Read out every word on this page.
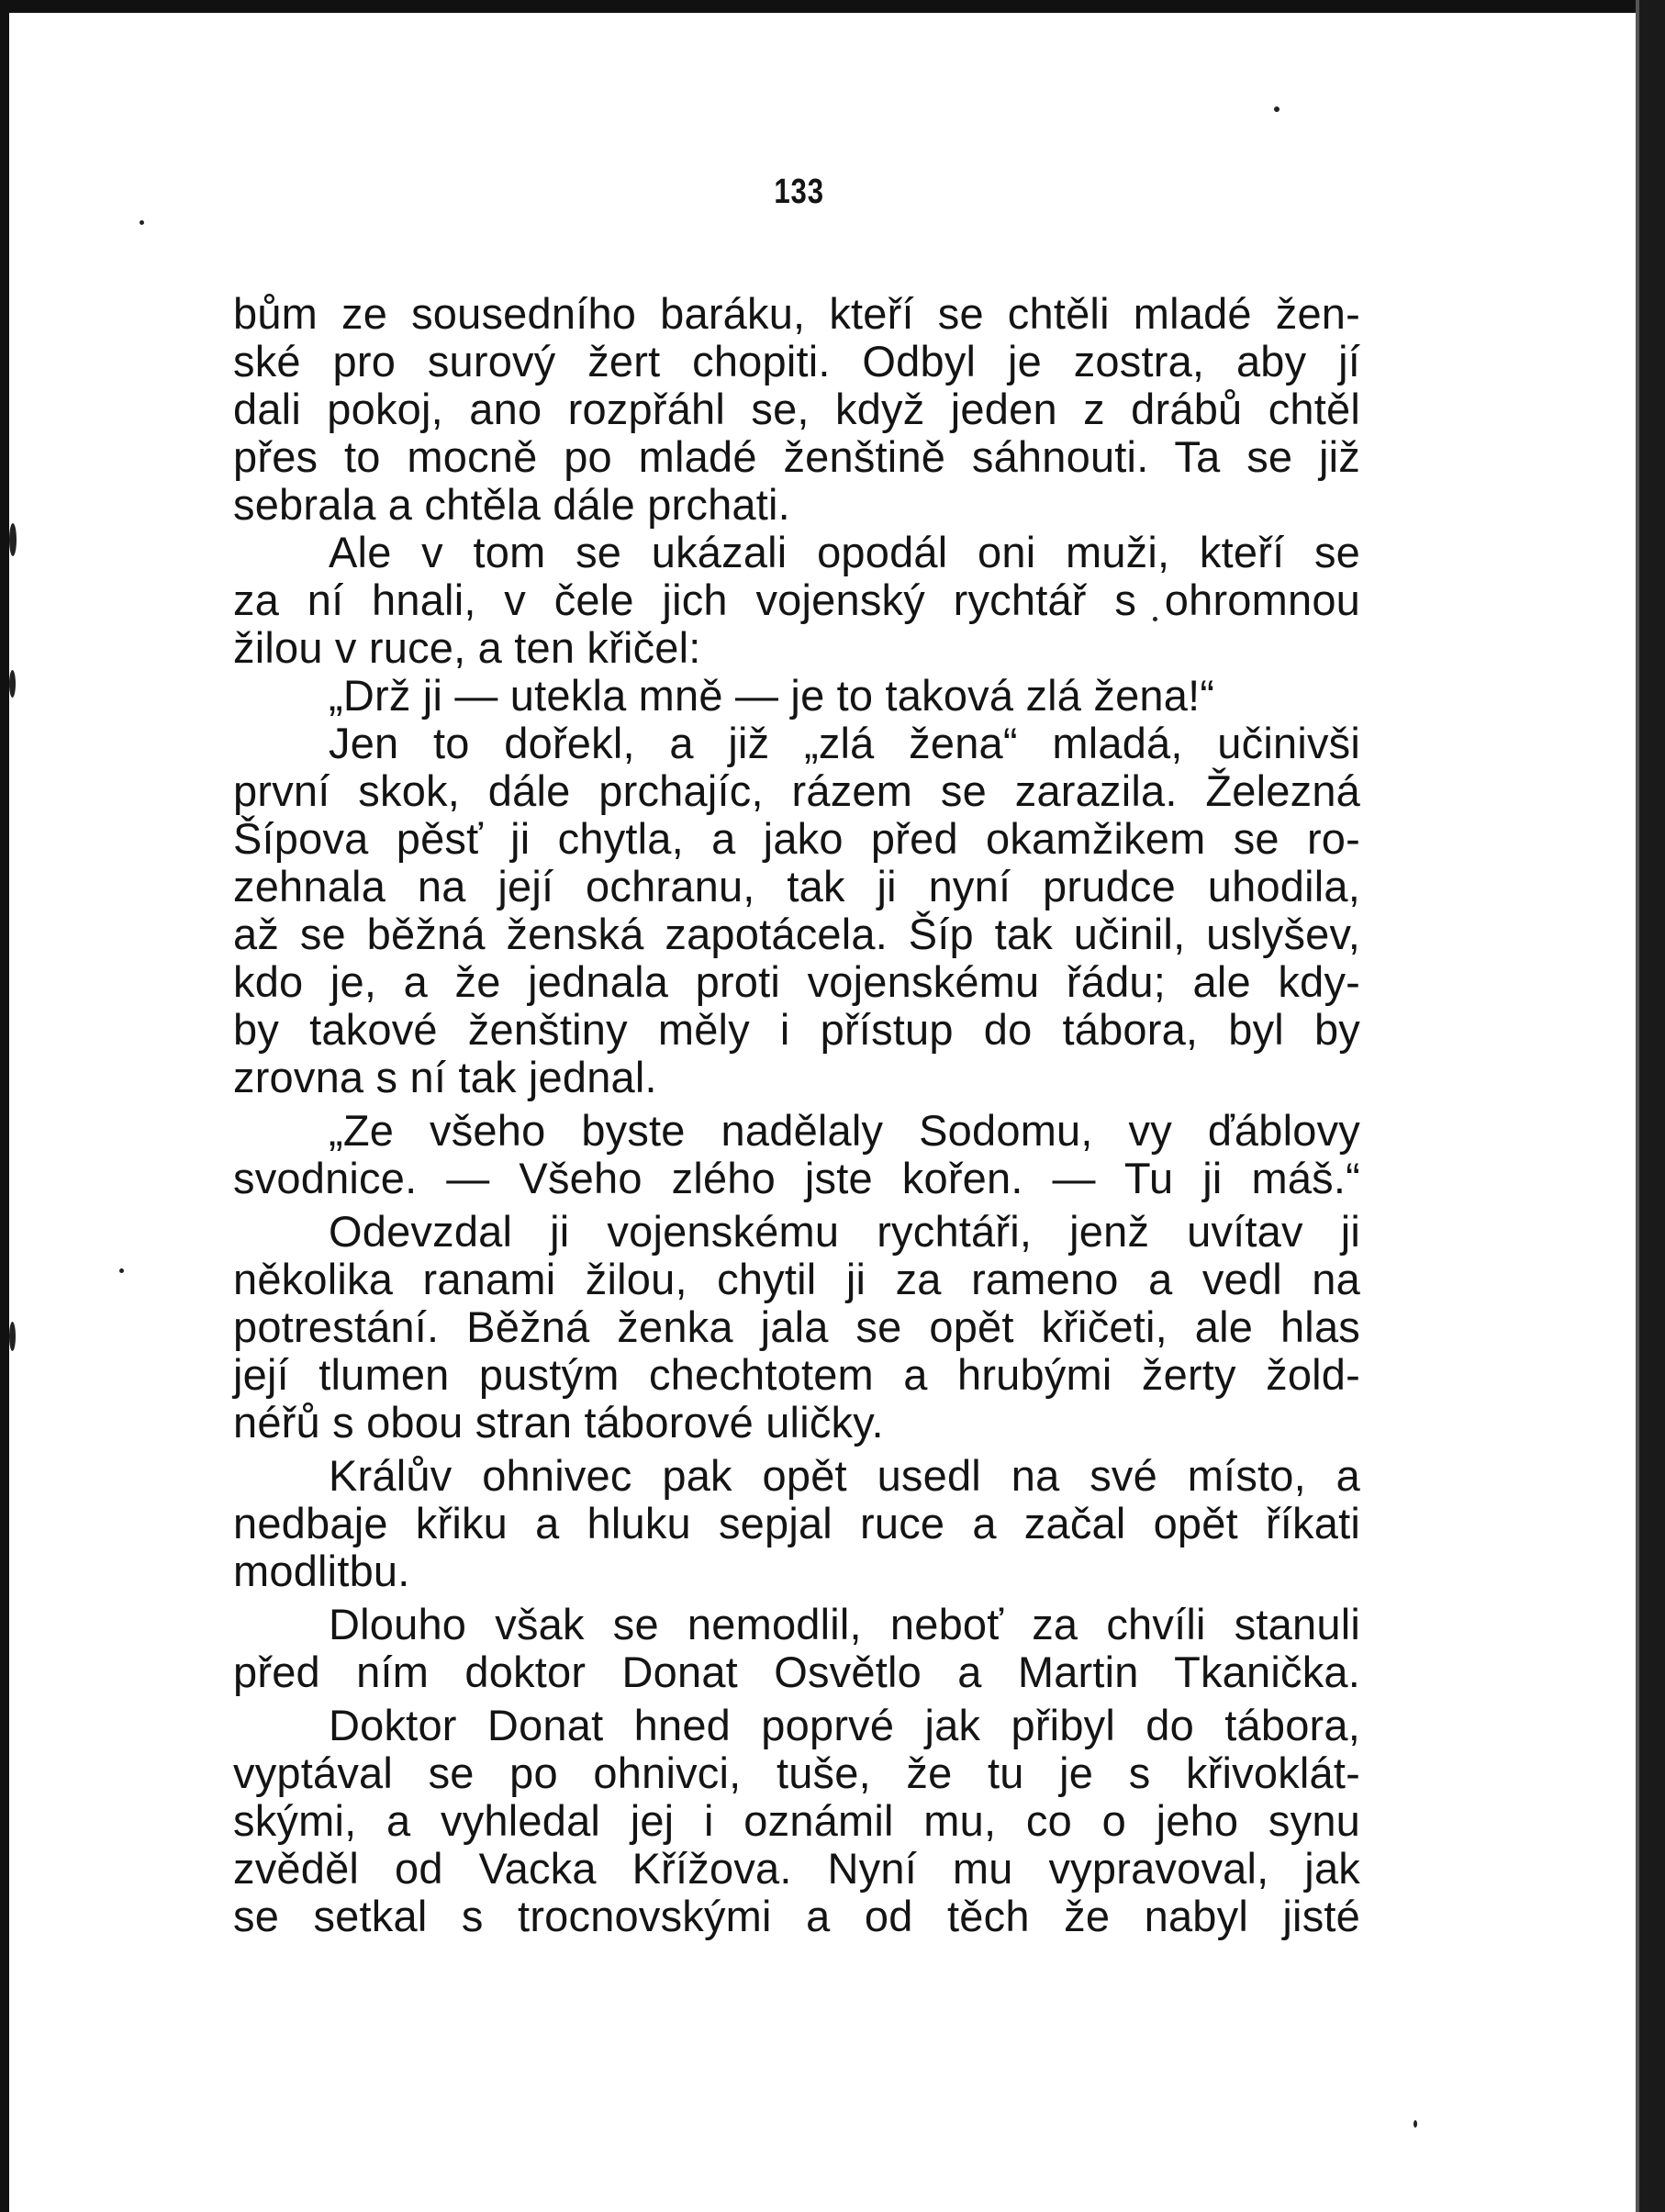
133
bům ze sousedního baráku, kteří se chtěli mladé žen-
ské pro surový žert chopiti. Odbyl je zostra, aby jí
dali pokoj, ano rozpřáhl se, když jeden z drábů chtěl
přes to mocně po mladé ženštině sáhnouti. Ta se již
sebrala a chtěla dále prchati.
Ale v tom se ukázali opodál oni muži, kteří se
za ní hnali, v čele jich vojenský rychtář s ohromnou
žilou v ruce, a ten křičel:
„Drž ji — utekla mně — je to taková zlá žena!“
Jen to dořekl, a již „zlá žena“ mladá, učinivši
první skok, dále prchajíc, rázem se zarazila. Železná
Šípova pěsť ji chytla, a jako před okamžikem se ro-
zehnala na její ochranu, tak ji nyní prudce uhodila,
až se běžná ženská zapotácela. Šíp tak učinil, uslyšev,
kdo je, a že jednala proti vojenskému řádu; ale kdy-
by takové ženštiny měly i přístup do tábora, byl by
zrovna s ní tak jednal.
„Ze všeho byste nadělaly Sodomu, vy ďáblovy
svodnice. — Všeho zlého jste kořen. — Tu ji máš.“
Odevzdal ji vojenskému rychtáři, jenž uvítav ji
několika ranami žilou, chytil ji za rameno a vedl na
potrestání. Běžná ženka jala se opět křičeti, ale hlas
její tlumen pustým chechtotem a hrubými žerty žold-
néřů s obou stran táborové uličky.
Králův ohnivec pak opět usedl na své místo, a
nedbaje křiku a hluku sepjal ruce a začal opět říkati
modlitbu.
Dlouho však se nemodlil, neboť za chvíli stanuli
před ním doktor Donat Osvětlo a Martin Tkanička.
Doktor Donat hned poprvé jak přibyl do tábora,
vyptával se po ohnivci, tuše, že tu je s křivoklát-
skými, a vyhledal jej i oznámil mu, co o jeho synu
zvěděl od Vacka Křížova. Nyní mu vypravoval, jak
se setkal s trocnovskými a od těch že nabyl jisté
